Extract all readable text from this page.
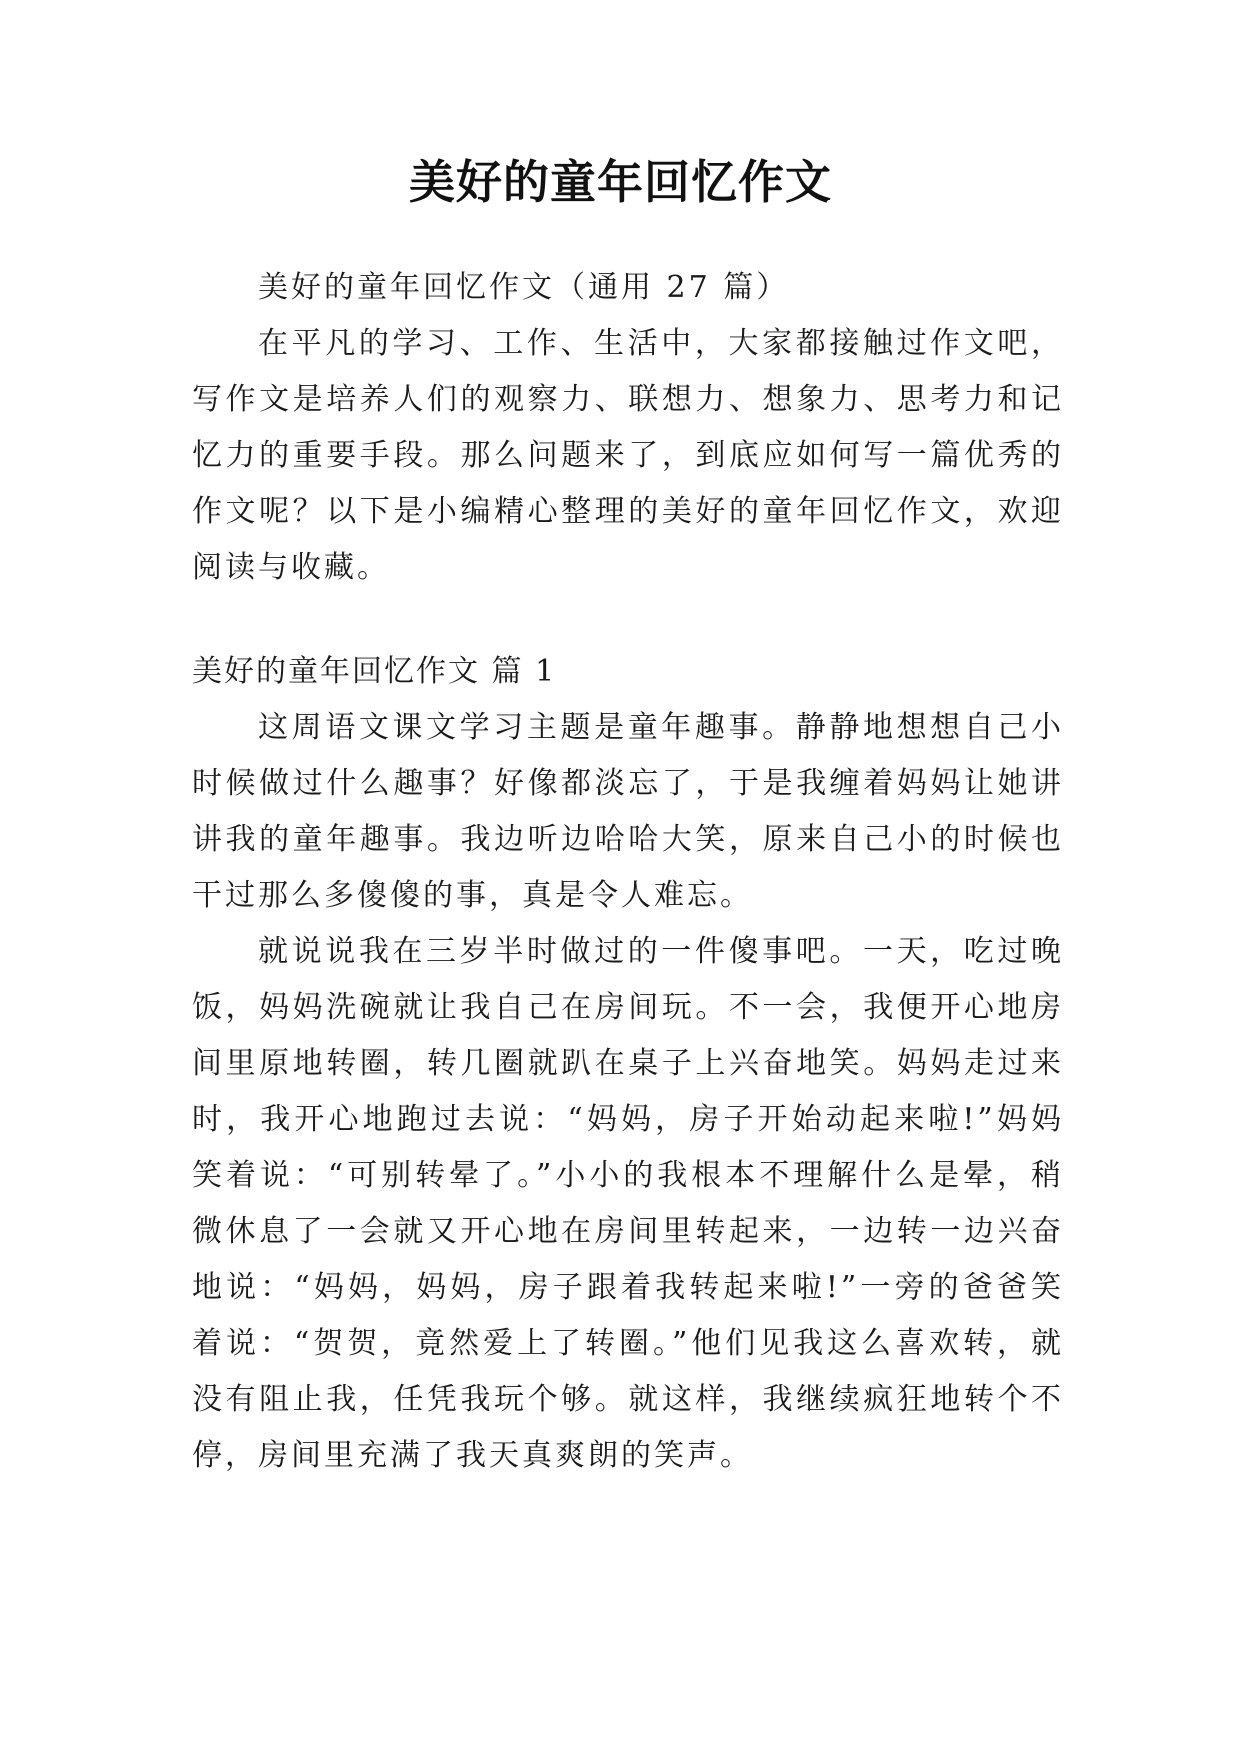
美好的童年回忆作文

美好的童年回忆作文（通用 27 篇）

在平凡的学习、工作、生活中，大家都接触过作文吧，写作文是培养人们的观察力、联想力、想象力、思考力和记忆力的重要手段。那么问题来了，到底应如何写一篇优秀的作文呢？以下是小编精心整理的美好的童年回忆作文，欢迎阅读与收藏。

美好的童年回忆作文 篇 1

这周语文课文学习主题是童年趣事。静静地想想自己小时候做过什么趣事？好像都淡忘了，于是我缠着妈妈让她讲讲我的童年趣事。我边听边哈哈大笑，原来自己小的时候也干过那么多傻傻的事，真是令人难忘。

就说说我在三岁半时做过的一件傻事吧。一天，吃过晚饭，妈妈洗碗就让我自己在房间玩。不一会，我便开心地房间里原地转圈，转几圈就趴在桌子上兴奋地笑。妈妈走过来时，我开心地跑过去说：“妈妈，房子开始动起来啦!”妈妈笑着说：“可别转晕了。”小小的我根本不理解什么是晕，稍微休息了一会就又开心地在房间里转起来，一边转一边兴奋地说：“妈妈，妈妈，房子跟着我转起来啦!”一旁的爸爸笑着说：“贺贺，竟然爱上了转圈。”他们见我这么喜欢转，就没有阻止我，任凭我玩个够。就这样，我继续疯狂地转个不停，房间里充满了我天真爽朗的笑声。
